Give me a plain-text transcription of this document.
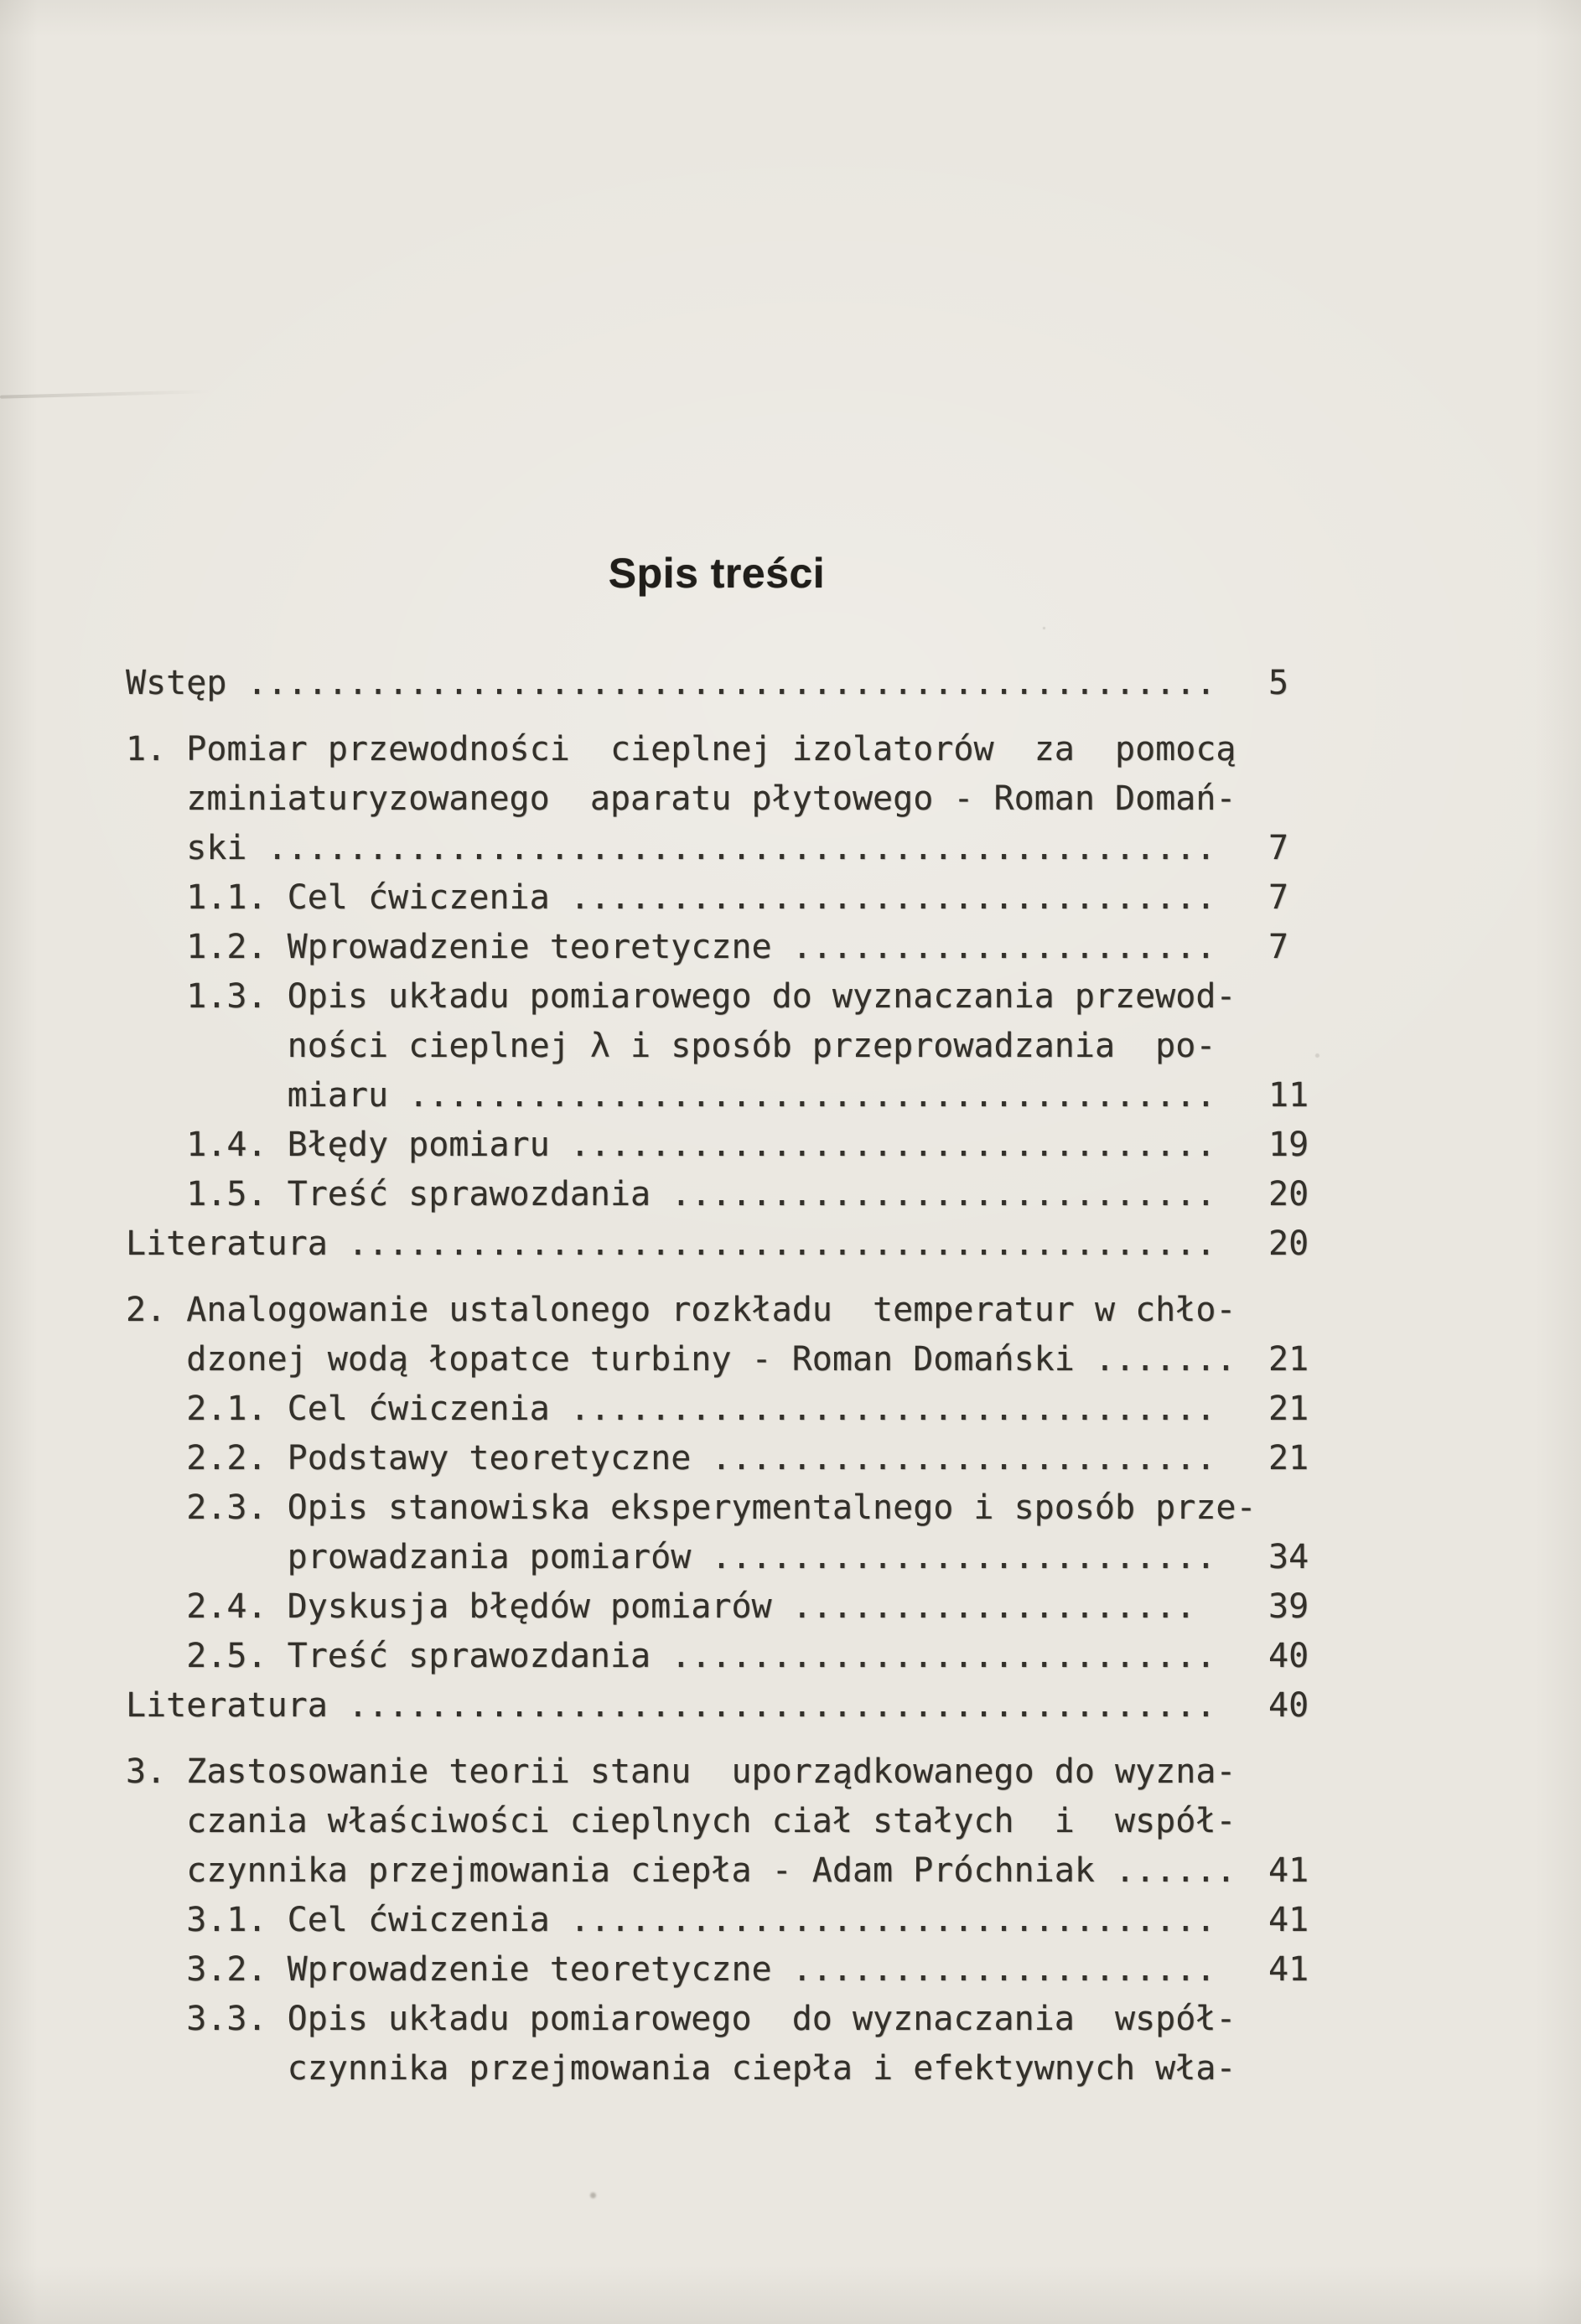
Spis treści
Wstęp ................................................ 5
1. Pomiar przewodności  cieplnej izolatorów  za  pomocą
zminiaturyzowanego  aparatu płytowego - Roman Domań-
ski ............................................... 7
1.1. Cel ćwiczenia ................................ 7
1.2. Wprowadzenie teoretyczne ..................... 7
1.3. Opis układu pomiarowego do wyznaczania przewod-
ności cieplnej λ i sposób przeprowadzania  po-
miaru ........................................ 11
1.4. Błędy pomiaru ................................ 19
1.5. Treść sprawozdania ........................... 20
Literatura ........................................... 20
2. Analogowanie ustalonego rozkładu  temperatur w chło-
dzonej wodą łopatce turbiny - Roman Domański ....... 21
2.1. Cel ćwiczenia ................................ 21
2.2. Podstawy teoretyczne ......................... 21
2.3. Opis stanowiska eksperymentalnego i sposób prze-
prowadzania pomiarów ......................... 34
2.4. Dyskusja błędów pomiarów .................... 39
2.5. Treść sprawozdania ........................... 40
Literatura ........................................... 40
3. Zastosowanie teorii stanu  uporządkowanego do wyzna-
czania właściwości cieplnych ciał stałych  i  współ-
czynnika przejmowania ciepła - Adam Próchniak ...... 41
3.1. Cel ćwiczenia ................................ 41
3.2. Wprowadzenie teoretyczne ..................... 41
3.3. Opis układu pomiarowego  do wyznaczania  współ-
czynnika przejmowania ciepła i efektywnych wła-
